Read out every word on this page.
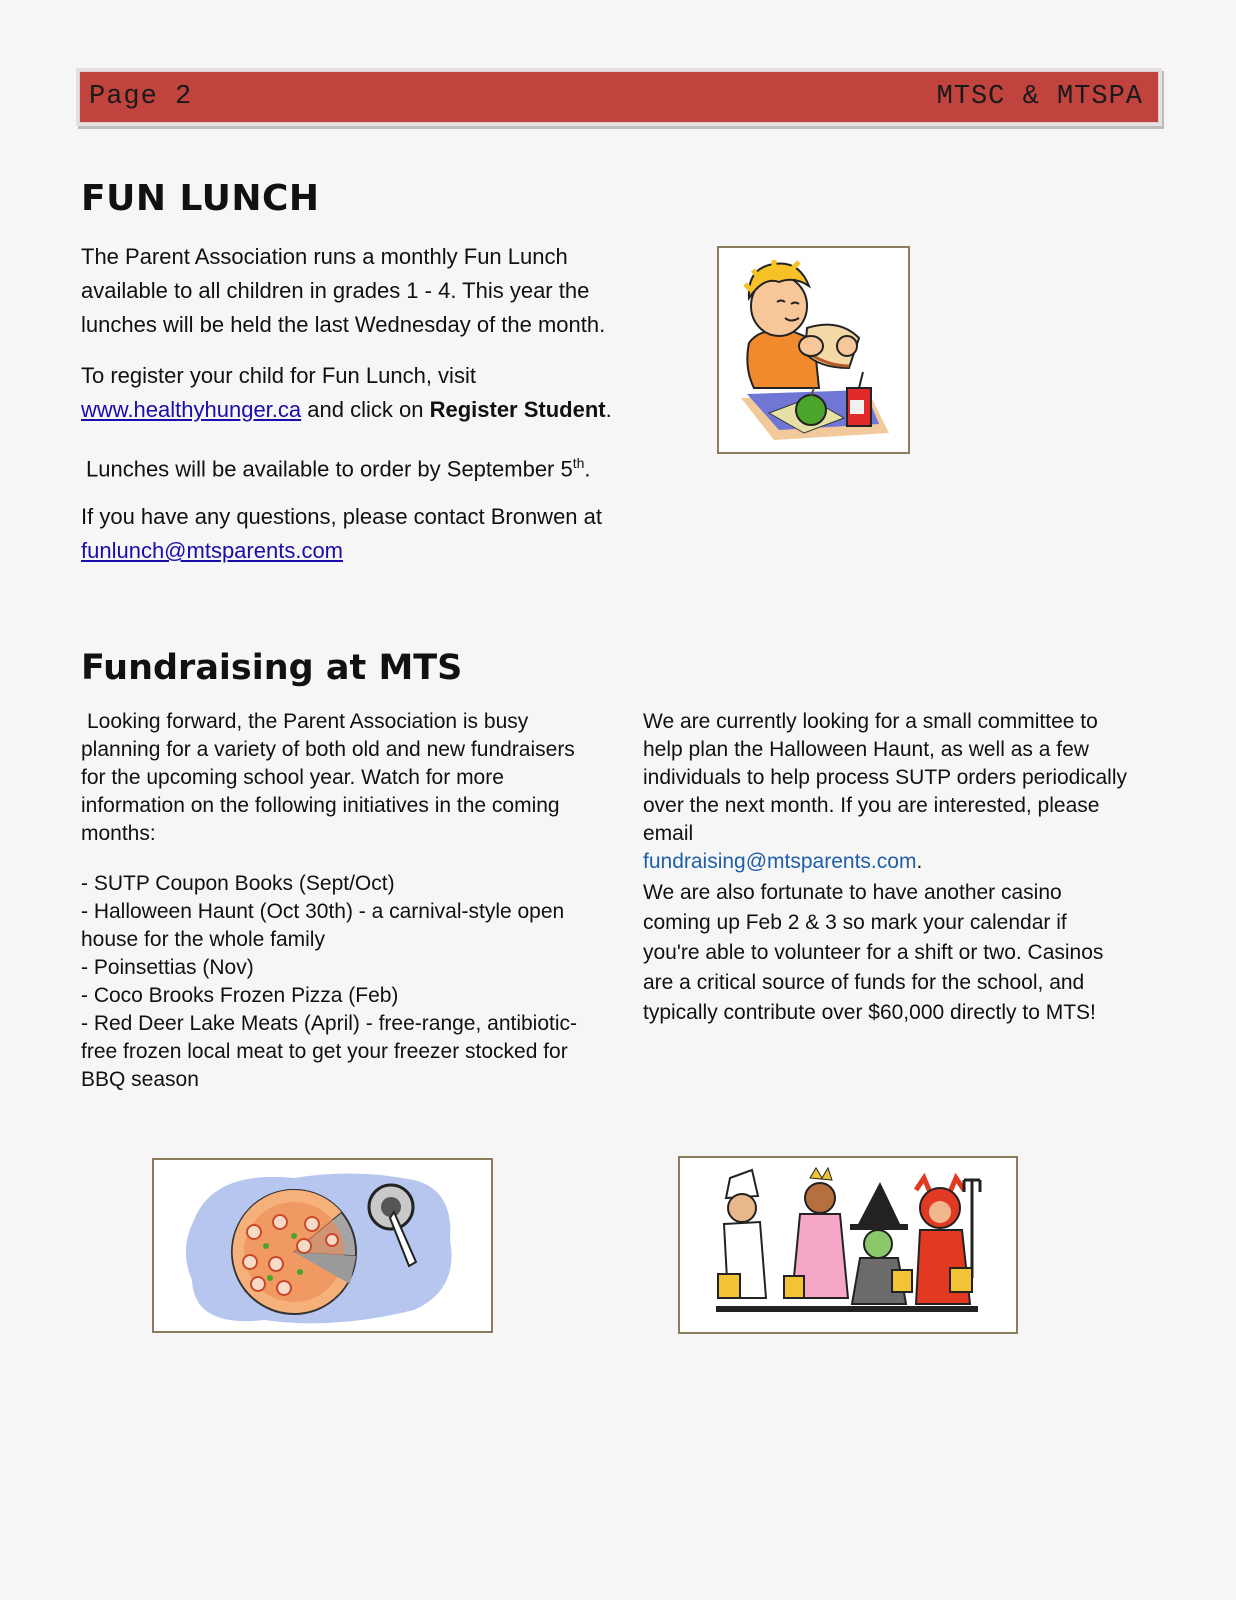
Page 2	MTSC & MTSPA
FUN LUNCH

The Parent Association runs a monthly Fun Lunch available to all children in grades 1 - 4. This year the lunches will be held the last Wednesday of the month.

To register your child for Fun Lunch, visit
www.healthyhunger.ca and click on Register Student.

Lunches will be available to order by September 5th.

If you have any questions, please contact Bronwen at
funlunch@mtsparents.com

Fundraising at MTS

Looking forward, the Parent Association is busy planning for a variety of both old and new fundraisers for the upcoming school year. Watch for more information on the following initiatives in the coming months:

- SUTP Coupon Books (Sept/Oct)

- Halloween Haunt (Oct 30th) - a carnival-style open house for the whole family

- Poinsettias (Nov)

- Coco Brooks Frozen Pizza (Feb)

- Red Deer Lake Meats (April) - free-range, antibiotic-free frozen local meat to get your freezer stocked for BBQ season

We are currently looking for a small committee to help plan the Halloween Haunt, as well as a few individuals to help process SUTP orders periodically over the next month. If you are interested, please email

fundraising@mtsparents.com.

We are also fortunate to have another casino coming up Feb 2 & 3 so mark your calendar if you're able to volunteer for a shift or two. Casinos are a critical source of funds for the school, and typically contribute over $60,000 directly to MTS!
